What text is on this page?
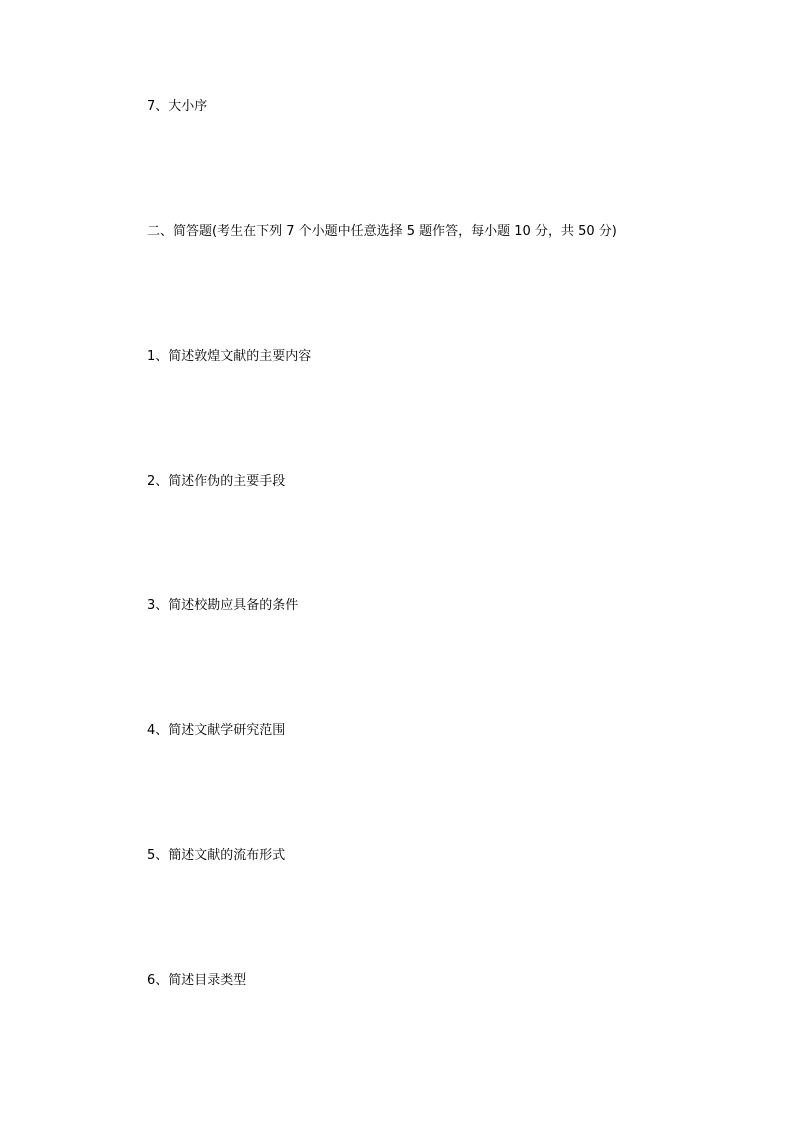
7、大小序
二、简答题(考生在下列 7 个小题中任意选择 5 题作答，每小题 10 分，共 50 分)
1、简述敦煌文献的主要内容
2、简述作伪的主要手段
3、简述校勘应具备的条件
4、简述文献学研究范围
5、簡述文献的流布形式
6、简述目录类型
